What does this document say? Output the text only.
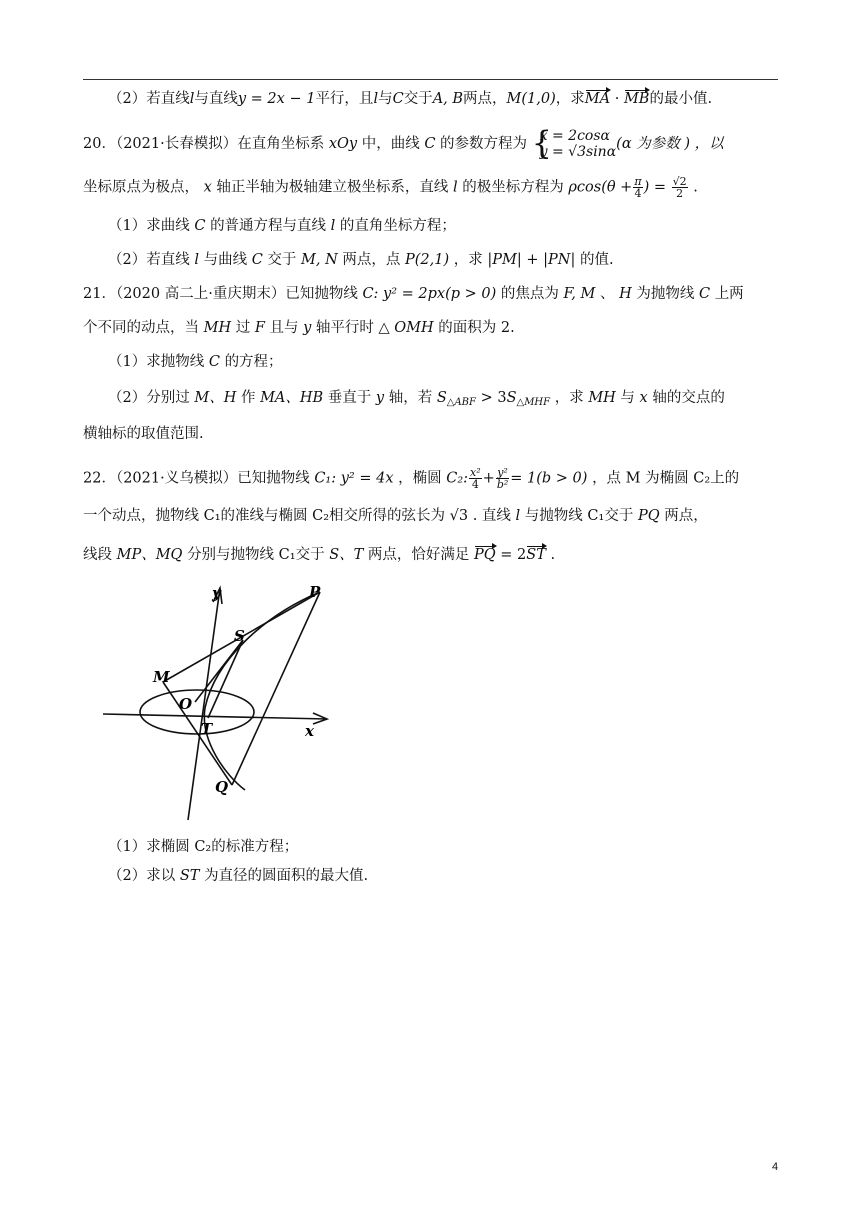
（2）若直线l与直线y = 2x − 1平行，且l与C交于A, B两点，M(1,0)，求MA · MB的最小值.
20．（2021·长春模拟）在直角坐标系 xOy 中，曲线 C 的参数方程为 {
x = 2cosα
y = √3sinα (α 为参数 ) ，以
坐标原点为极点， x 轴正半轴为极轴建立极坐标系，直线 l 的极坐标方程为 $\rho\cos(\theta + \frac{\pi}{4}$ ) = $\frac{√2}{2}$ .
（1）求曲线 C 的普通方程与直线 l 的直角坐标方程；
（2）若直线 l 与曲线 C 交于 M, N 两点，点 P(2,1) ，求 |PM| + |PN| 的值.
21．（2020 高二上·重庆期末）已知抛物线 C: y² = 2px(p > 0) 的焦点为 F, M 、 H 为抛物线 C 上两
个不同的动点，当 MH 过 F 且与 y 轴平行时 △ OMH 的面积为 2.
（1）求抛物线 C 的方程；
（2）分别过 M、H 作 MA、HB 垂直于 y 轴，若 $S_{\triangle ABF} > 3S_{\triangle MHF}$ ，求 MH 与 x 轴的交点的
横轴标的取值范围.
22．（2021·义乌模拟）已知抛物线 C₁: y² = 4x ，椭圆 C₂: $\frac{\text{x²}}{4} + \frac{\text{y²}}{\text{b²}} = 1(b > 0)$ ，点 M 为椭圆 C₂上的
一个动点，抛物线 C₁的准线与椭圆 C₂相交所得的弦长为 √3 . 直线 l 与抛物线 C₁交于 PQ 两点，
线段 MP、MQ 分别与抛物线 C₁交于 S、T 两点，恰好满足 PQ = 2ST .
y	P
S
M
O
T	x
Q
（1）求椭圆 C₂的标准方程；
（2）求以 ST 为直径的圆面积的最大值.
4
